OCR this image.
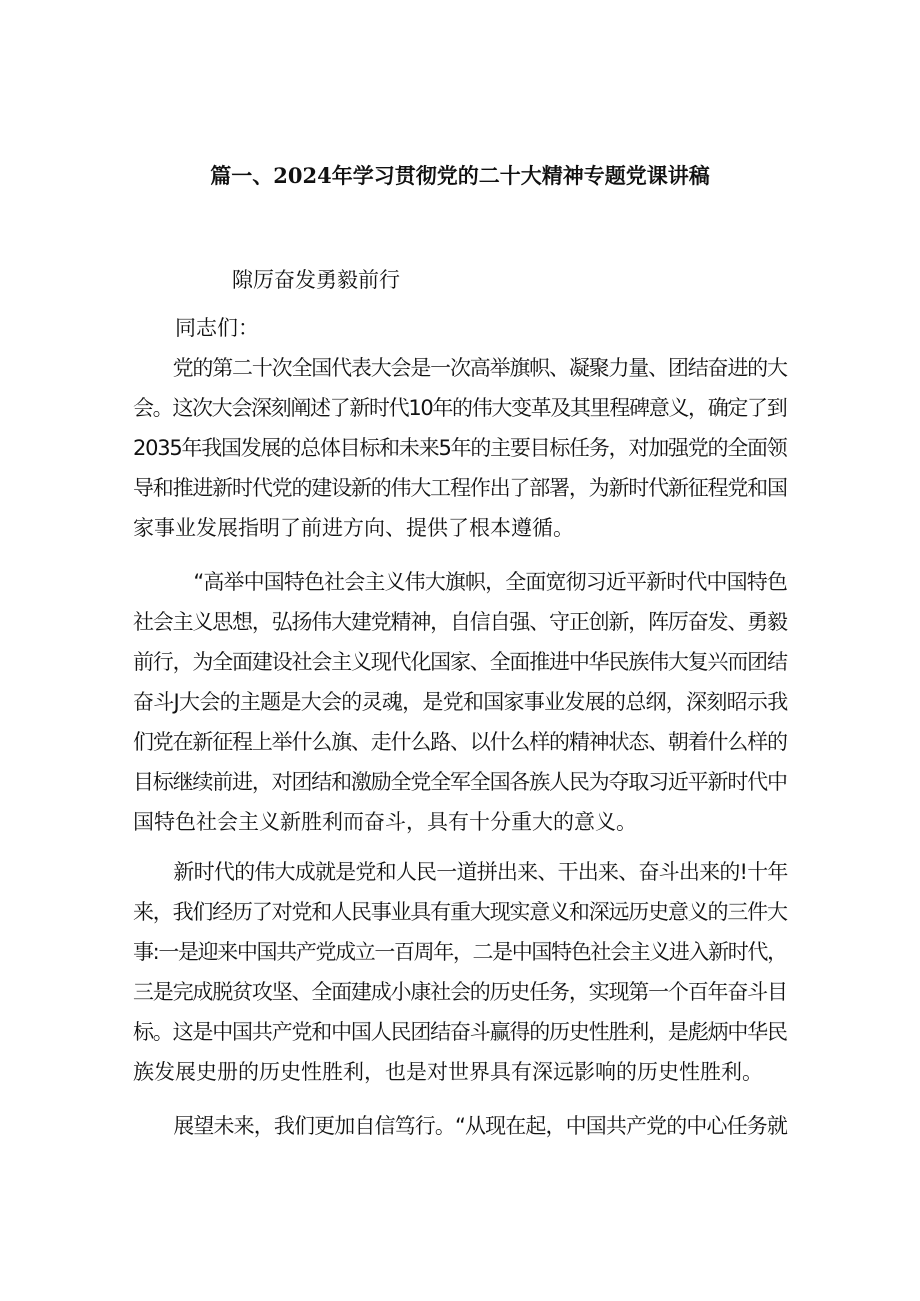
篇一、2024年学习贯彻党的二十大精神专题党课讲稿
隙厉奋发勇毅前行
　　同志们：
　　党的第二十次全国代表大会是一次高举旗帜、凝聚力量、团结奋进的大
会。这次大会深刻阐述了新时代10年的伟大变革及其里程碑意义，确定了到
2035年我国发展的总体目标和未来5年的主要目标任务，对加强党的全面领
导和推进新时代党的建设新的伟大工程作出了部署，为新时代新征程党和国
家事业发展指明了前进方向、提供了根本遵循。
　　　“高举中国特色社会主义伟大旗帜，全面宽彻习近平新时代中国特色
社会主义思想，弘扬伟大建党精神，自信自强、守正创新，阵厉奋发、勇毅
前行，为全面建设社会主义现代化国家、全面推进中华民族伟大复兴而团结
奋斗J大会的主题是大会的灵魂，是党和国家事业发展的总纲，深刻昭示我
们党在新征程上举什么旗、走什么路、以什么样的精神状态、朝着什么样的
目标继续前进，对团结和激励全党全军全国各族人民为夺取习近平新时代中
国特色社会主义新胜利而奋斗，具有十分重大的意义。
　　新时代的伟大成就是党和人民一道拼出来、干出来、奋斗出来的!十年
来，我们经历了对党和人民事业具有重大现实意义和深远历史意义的三件大
事:一是迎来中国共产党成立一百周年，二是中国特色社会主义进入新时代，
三是完成脱贫攻坚、全面建成小康社会的历史任务，实现第一个百年奋斗目
标。这是中国共产党和中国人民团结奋斗赢得的历史性胜利，是彪炳中华民
族发展史册的历史性胜利，也是对世界具有深远影响的历史性胜利。
　　展望未来，我们更加自信笃行。“从现在起，中国共产党的中心任务就
